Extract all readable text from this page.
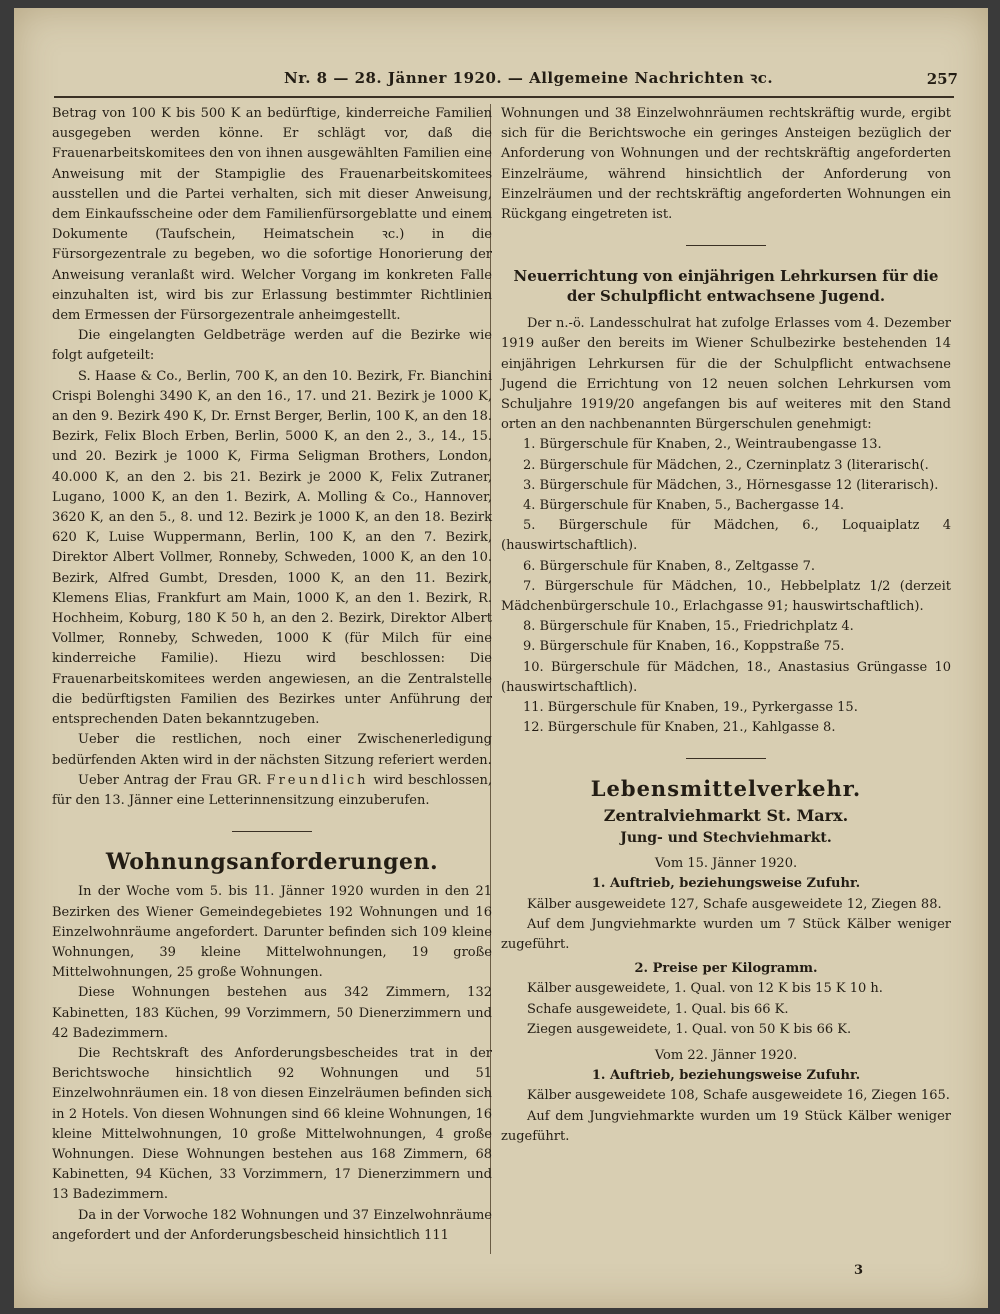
Nr. 8 — 28. Jänner 1920. — Allgemeine Nachrichten ꝛc.	257

Betrag von 100 K bis 500 K an bedürftige, kinderreiche Familien ausgegeben werden könne. Er schlägt vor, daß die Frauenarbeitskomitees den von ihnen ausgewählten Familien eine Anweisung mit der Stampiglie des Frauenarbeitskomitees ausstellen und die Partei verhalten, sich mit dieser Anweisung, dem Einkaufsscheine oder dem Familienfürsorgeblatte und einem Dokumente (Taufschein, Heimatschein ꝛc.) in die Fürsorgezentrale zu begeben, wo die sofortige Honorierung der Anweisung veranlaßt wird. Welcher Vorgang im konkreten Falle einzuhalten ist, wird bis zur Erlassung bestimmter Richtlinien dem Ermessen der Fürsorgezentrale anheimgestellt.

Die eingelangten Geldbeträge werden auf die Bezirke wie folgt aufgeteilt:

S. Haase & Co., Berlin, 700 K, an den 10. Bezirk, Fr. Bianchini Crispi Bolenghi 3490 K, an den 16., 17. und 21. Bezirk je 1000 K, an den 9. Bezirk 490 K, Dr. Ernst Berger, Berlin, 100 K, an den 18. Bezirk, Felix Bloch Erben, Berlin, 5000 K, an den 2., 3., 14., 15. und 20. Bezirk je 1000 K, Firma Seligman Brothers, London, 40.000 K, an den 2. bis 21. Bezirk je 2000 K, Felix Zutraner, Lugano, 1000 K, an den 1. Bezirk, A. Molling & Co., Hannover, 3620 K, an den 5., 8. und 12. Bezirk je 1000 K, an den 18. Bezirk 620 K, Luise Wuppermann, Berlin, 100 K, an den 7. Bezirk, Direktor Albert Vollmer, Ronneby, Schweden, 1000 K, an den 10. Bezirk, Alfred Gumbt, Dresden, 1000 K, an den 11. Bezirk, Klemens Elias, Frankfurt am Main, 1000 K, an den 1. Bezirk, R. Hochheim, Koburg, 180 K 50 h, an den 2. Bezirk, Direktor Albert Vollmer, Ronneby, Schweden, 1000 K (für Milch für eine kinderreiche Familie). Hiezu wird beschlossen: Die Frauenarbeitskomitees werden angewiesen, an die Zentralstelle die bedürftigsten Familien des Bezirkes unter Anführung der entsprechenden Daten bekanntzugeben.

Ueber die restlichen, noch einer Zwischenerledigung bedürfenden Akten wird in der nächsten Sitzung referiert werden.

Ueber Antrag der Frau GR. Freundlich wird beschlossen, für den 13. Jänner eine Letterinnensitzung einzuberufen.

Wohnungsanforderungen.

In der Woche vom 5. bis 11. Jänner 1920 wurden in den 21 Bezirken des Wiener Gemeindegebietes 192 Wohnungen und 16 Einzelwohnräume angefordert. Darunter befinden sich 109 kleine Wohnungen, 39 kleine Mittelwohnungen, 19 große Mittelwohnungen, 25 große Wohnungen.

Diese Wohnungen bestehen aus 342 Zimmern, 132 Kabinetten, 183 Küchen, 99 Vorzimmern, 50 Dienerzimmern und 42 Badezimmern.

Die Rechtskraft des Anforderungsbescheides trat in der Berichtswoche hinsichtlich 92 Wohnungen und 51 Einzelwohnräumen ein. 18 von diesen Einzelräumen befinden sich in 2 Hotels. Von diesen Wohnungen sind 66 kleine Wohnungen, 16 kleine Mittelwohnungen, 10 große Mittelwohnungen, 4 große Wohnungen. Diese Wohnungen bestehen aus 168 Zimmern, 68 Kabinetten, 94 Küchen, 33 Vorzimmern, 17 Dienerzimmern und 13 Badezimmern.

Da in der Vorwoche 182 Wohnungen und 37 Einzelwohnräume angefordert und der Anforderungsbescheid hinsichtlich 111

Wohnungen und 38 Einzelwohnräumen rechtskräftig wurde, ergibt sich für die Berichtswoche ein geringes Ansteigen bezüglich der Anforderung von Wohnungen und der rechtskräftig angeforderten Einzelräume, während hinsichtlich der Anforderung von Einzelräumen und der rechtskräftig angeforderten Wohnungen ein Rückgang eingetreten ist.

Neuerrichtung von einjährigen Lehrkursen für die der Schulpflicht entwachsene Jugend.

Der n.-ö. Landesschulrat hat zufolge Erlasses vom 4. Dezember 1919 außer den bereits im Wiener Schulbezirke bestehenden 14 einjährigen Lehrkursen für die der Schulpflicht entwachsene Jugend die Errichtung von 12 neuen solchen Lehrkursen vom Schuljahre 1919/20 angefangen bis auf weiteres mit den Stand orten an den nachbenannten Bürgerschulen genehmigt:

1. Bürgerschule für Knaben, 2., Weintraubengasse 13.

2. Bürgerschule für Mädchen, 2., Czerninplatz 3 (literarisch(.

3. Bürgerschule für Mädchen, 3., Hörnesgasse 12 (literarisch).

4. Bürgerschule für Knaben, 5., Bachergasse 14.

5. Bürgerschule für Mädchen, 6., Loquaiplatz 4 (hauswirtschaftlich).

6. Bürgerschule für Knaben, 8., Zeltgasse 7.

7. Bürgerschule für Mädchen, 10., Hebbelplatz 1/2 (derzeit Mädchenbürgerschule 10., Erlachgasse 91; hauswirtschaftlich).

8. Bürgerschule für Knaben, 15., Friedrichplatz 4.

9. Bürgerschule für Knaben, 16., Koppstraße 75.

10. Bürgerschule für Mädchen, 18., Anastasius Grüngasse 10 (hauswirtschaftlich).

11. Bürgerschule für Knaben, 19., Pyrkergasse 15.

12. Bürgerschule für Knaben, 21., Kahlgasse 8.

Lebensmittelverkehr.
Zentralviehmarkt St. Marx.
Jung- und Stechviehmarkt.

Vom 15. Jänner 1920.

1. Auftrieb, beziehungsweise Zufuhr.

Kälber ausgeweidete 127, Schafe ausgeweidete 12, Ziegen 88.

Auf dem Jungviehmarkte wurden um 7 Stück Kälber weniger zugeführt.

2. Preise per Kilogramm.

Kälber ausgeweidete, 1. Qual. von 12 K bis 15 K 10 h.

Schafe ausgeweidete, 1. Qual. bis 66 K.

Ziegen ausgeweidete, 1. Qual. von 50 K bis 66 K.

Vom 22. Jänner 1920.

1. Auftrieb, beziehungsweise Zufuhr.

Kälber ausgeweidete 108, Schafe ausgeweidete 16, Ziegen 165.

Auf dem Jungviehmarkte wurden um 19 Stück Kälber weniger zugeführt.

3
